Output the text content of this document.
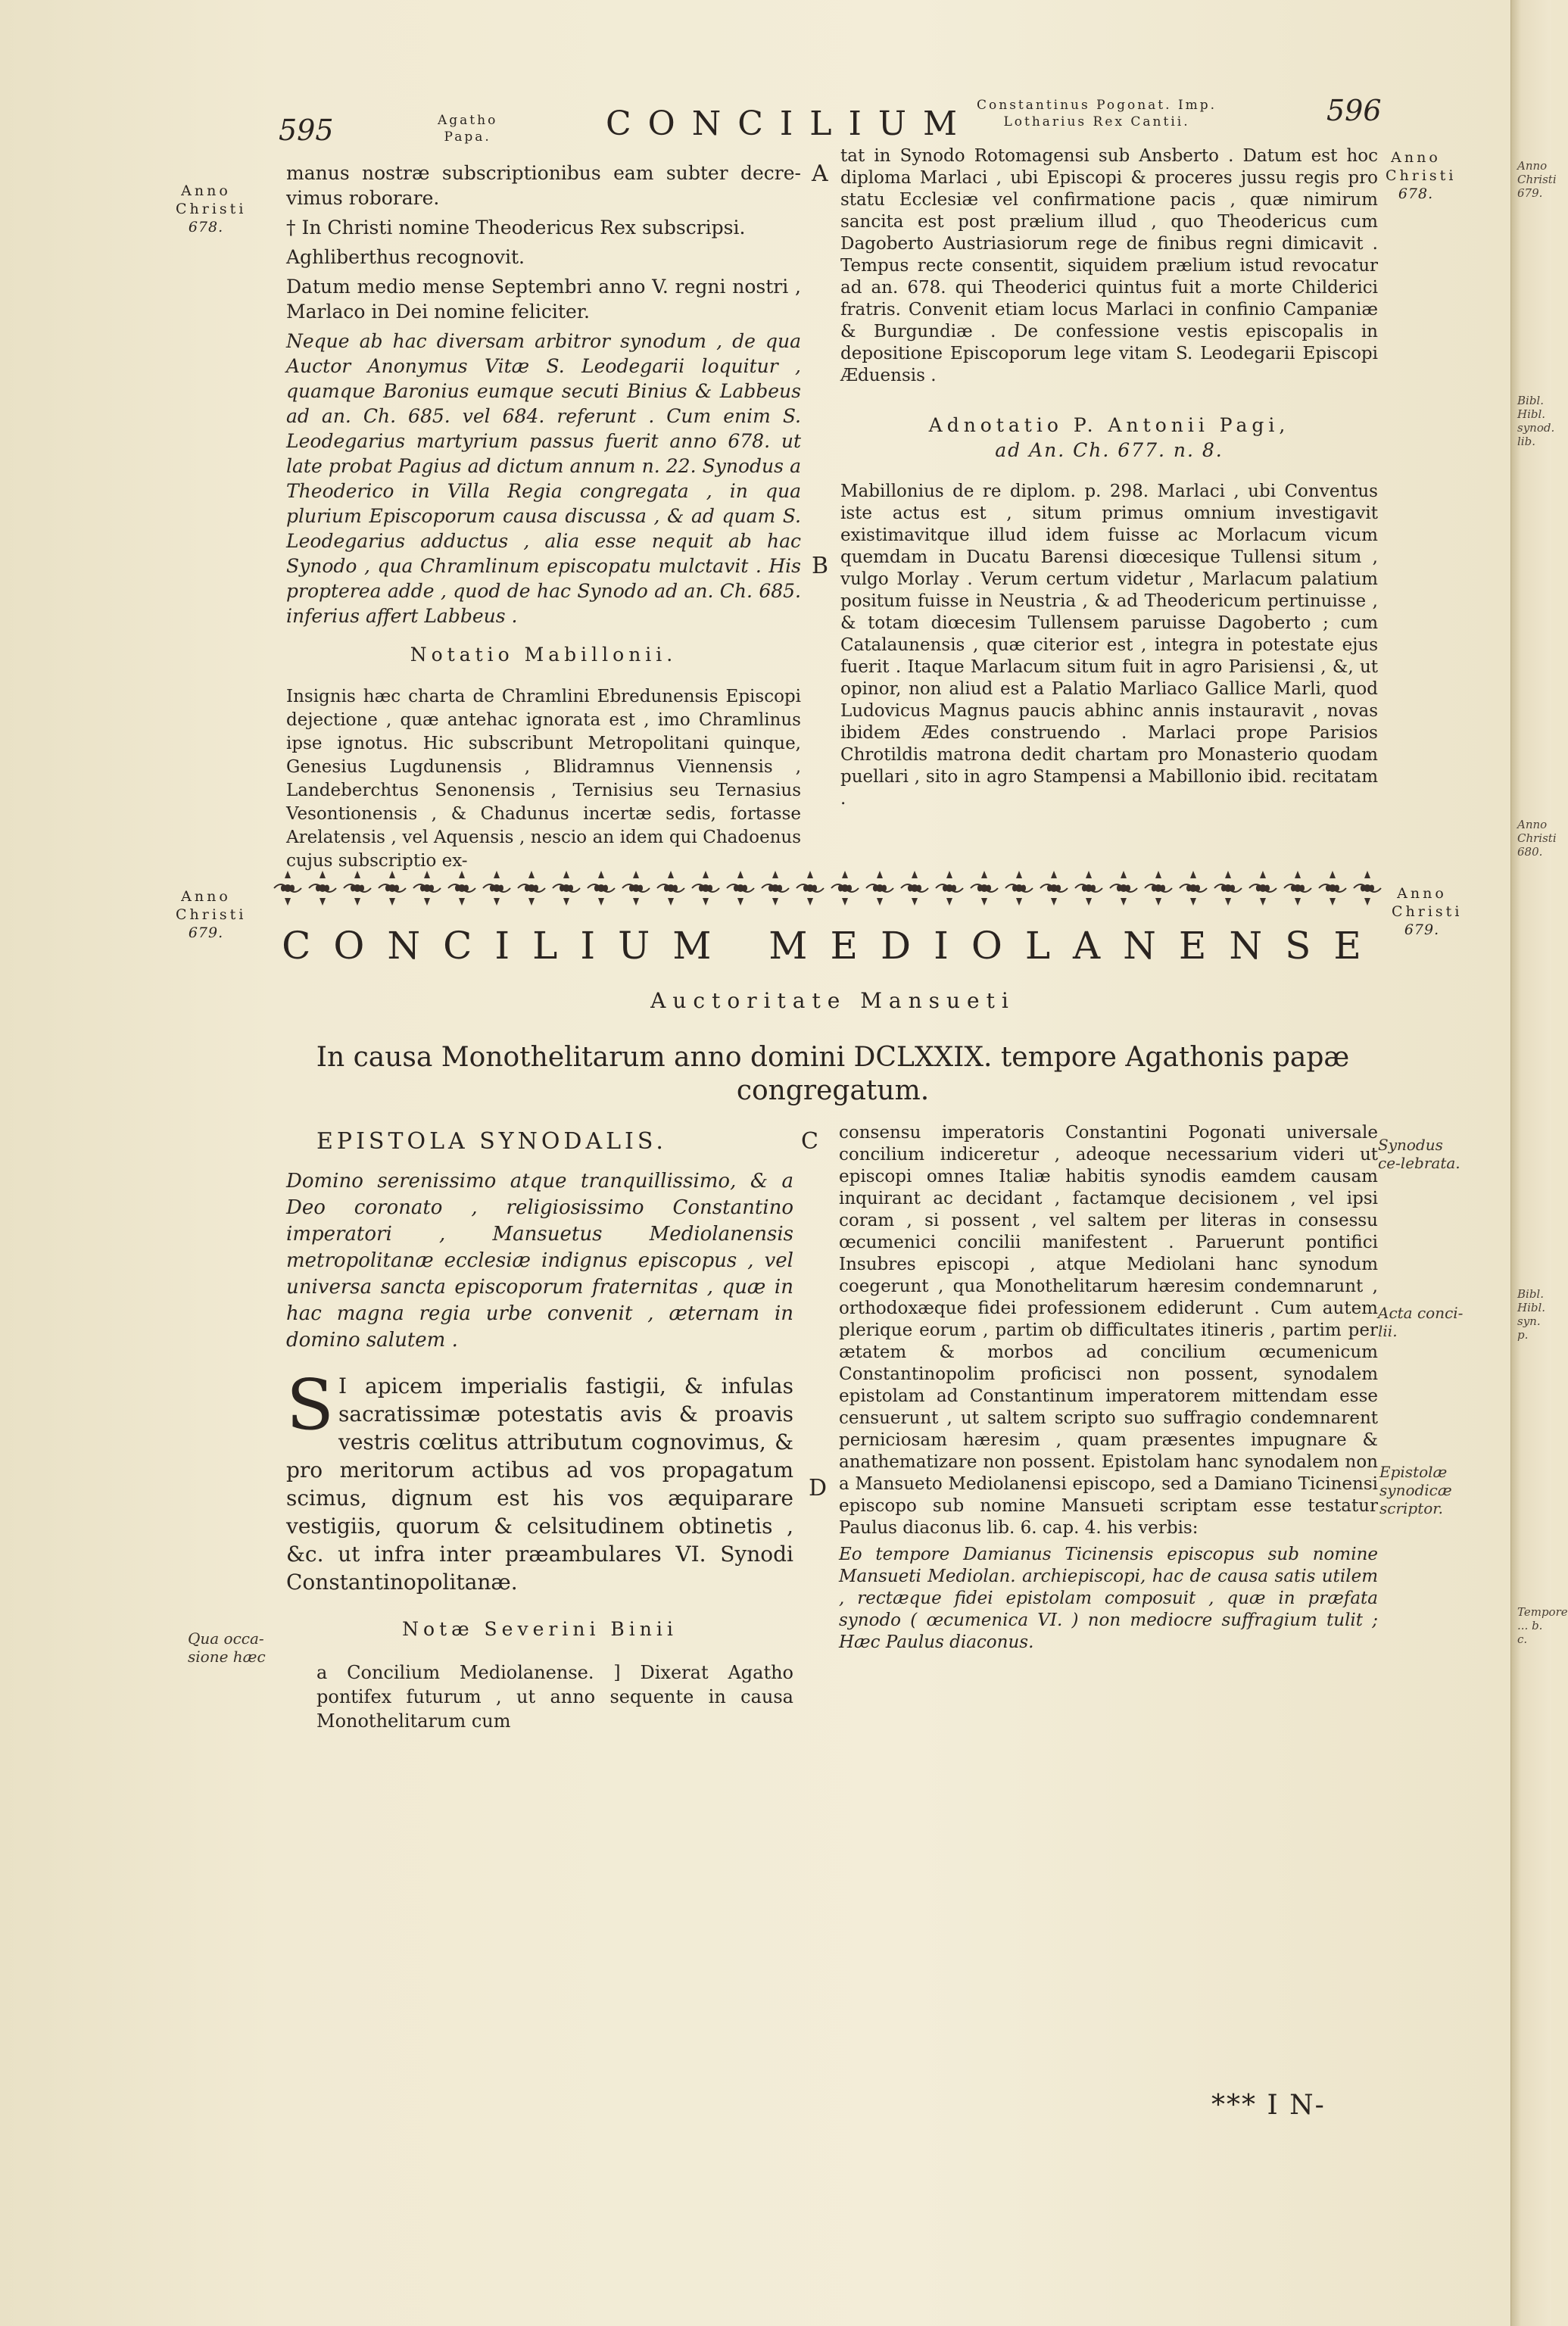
595	Agatho
Papa.	CONCILIUM Constantinus Pogonat. Imp.
Lotharius Rex Cantii.	596
Anno
Christi
678.
Anno
Christi
678.
Anno
Christi
679.
Anno
Christi
679.
A
B
C
D

manus nostræ subscriptionibus eam subter decre- vimus roborare.

† In Christi nomine Theodericus Rex subscripsi.

Aghliberthus recognovit.

Datum medio mense Septembri anno V. regni nostri , Marlaco in Dei nomine feliciter.

Neque ab hac diversam arbitror synodum , de qua Auctor Anonymus Vitæ S. Leodegarii loquitur , quamque Baronius eumque secuti Binius & Labbeus ad an. Ch. 685. vel 684. referunt . Cum enim S. Leodegarius martyrium passus fuerit anno 678. ut late probat Pagius ad dictum annum n. 22. Synodus a Theoderico in Villa Regia congregata , in qua plurium Episcoporum causa discussa , & ad quam S. Leodegarius adductus , alia esse nequit ab hac Synodo , qua Chramlinum episcopatu mulctavit . His propterea adde , quod de hac Synodo ad an. Ch. 685. inferius affert Labbeus .

Notatio Mabillonii.

Insignis hæc charta de Chramlini Ebredunensis Episcopi dejectione , quæ antehac ignorata est , imo Chramlinus ipse ignotus. Hic subscribunt Metropolitani quinque, Genesius Lugdunensis , Blidramnus Viennensis , Landeberchtus Senonensis , Ternisius seu Ternasius Vesontionensis , & Chadunus incertæ sedis, fortasse Arelatensis , vel Aquensis , nescio an idem qui Chadoenus cujus subscriptio ex-

tat in Synodo Rotomagensi sub Ansberto . Datum est hoc diploma Marlaci , ubi Episcopi & proceres jussu regis pro statu Ecclesiæ vel confirmatione pacis , quæ nimirum sancita est post prælium illud , quo Theodericus cum Dagoberto Austriasiorum rege de finibus regni dimicavit . Tempus recte consentit, siquidem prælium istud revocatur ad an. 678. qui Theoderici quintus fuit a morte Childerici fratris. Convenit etiam locus Marlaci in confinio Campaniæ & Burgundiæ . De confessione vestis episcopalis in depositione Episcoporum lege vitam S. Leodegarii Episcopi Æduensis .

Adnotatio P. Antonii Pagi,
ad An. Ch. 677. n. 8.

Mabillonius de re diplom. p. 298. Marlaci , ubi Conventus iste actus est , situm primus omnium investigavit existimavitque illud idem fuisse ac Morlacum vicum quemdam in Ducatu Barensi diœcesique Tullensi situm , vulgo Morlay . Verum certum videtur , Marlacum palatium positum fuisse in Neustria , & ad Theodericum pertinuisse , & totam diœcesim Tullensem paruisse Dagoberto ; cum Catalaunensis , quæ citerior est , integra in potestate ejus fuerit . Itaque Marlacum situm fuit in agro Parisiensi , &, ut opinor, non aliud est a Palatio Marliaco Gallice Marli, quod Ludovicus Magnus paucis abhinc annis instauravit , novas ibidem Ædes construendo . Marlaci prope Parisios Chrotildis matrona dedit chartam pro Monasterio quodam puellari , sito in agro Stampensi a Mabillonio ibid. recitatam .

CONCILIUM MEDIOLANENSE
Auctoritate Mansueti
In causa Monothelitarum anno domini DCLXXIX. tempore Agathonis papæ congregatum.
EPISTOLA SYNODALIS.

Domino serenissimo atque tranquillissimo, & a Deo coronato , religiosissimo Constantino imperatori , Mansuetus Mediolanensis metropolitanæ ecclesiæ indignus episcopus , vel universa sancta episcoporum fraternitas , quæ in hac magna regia urbe convenit , æternam in domino salutem .

S I apicem imperialis fastigii, & infulas sacratissimæ potestatis avis & proavis vestris cœlitus attributum cognovimus, & pro meritorum actibus ad vos propagatum scimus, dignum est his vos æquiparare vestigiis, quorum & celsitudinem obtinetis , &c. ut infra inter præambulares VI. Synodi Constantinopolitanæ.

Notæ Severini Binii

a Concilium Mediolanense. ] Dixerat Agatho pontifex futurum , ut anno sequente in causa Monothelitarum cum

consensu imperatoris Constantini Pogonati universale concilium indiceretur , adeoque necessarium videri ut episcopi omnes Italiæ habitis synodis eamdem causam inquirant ac decidant , factamque decisionem , vel ipsi coram , si possent , vel saltem per literas in consessu œcumenici concilii manifestent . Paruerunt pontifici Insubres episcopi , atque Mediolani hanc synodum coegerunt , qua Monothelitarum hæresim condemnarunt , orthodoxæque fidei professionem ediderunt . Cum autem plerique eorum , partim ob difficultates itineris , partim per ætatem & morbos ad concilium œcumenicum Constantinopolim proficisci non possent, synodalem epistolam ad Constantinum imperatorem mittendam esse censuerunt , ut saltem scripto suo suffragio condemnarent perniciosam hæresim , quam præsentes impugnare & anathematizare non possent. Epistolam hanc synodalem non a Mansueto Mediolanensi episcopo, sed a Damiano Ticinensi episcopo sub nomine Mansueti scriptam esse testatur Paulus diaconus lib. 6. cap. 4. his verbis:

Eo tempore Damianus Ticinensis episcopus sub nomine Mansueti Mediolan. archiepiscopi, hac de causa satis utilem , rectæque fidei epistolam composuit , quæ in præfata synodo ( œcumenica VI. ) non mediocre suffragium tulit ; Hæc Paulus diaconus.

Synodus ce-lebrata.
Acta conci-lii.
Epistolæ synodicæ scriptor.
Qua occa-sione hæc
*** I N-
Anno Christi 679.
Bibl. Hibl. synod. lib.
Anno Christi 680.
Bibl. Hibl. syn. p.
Tempore ... b. c.
